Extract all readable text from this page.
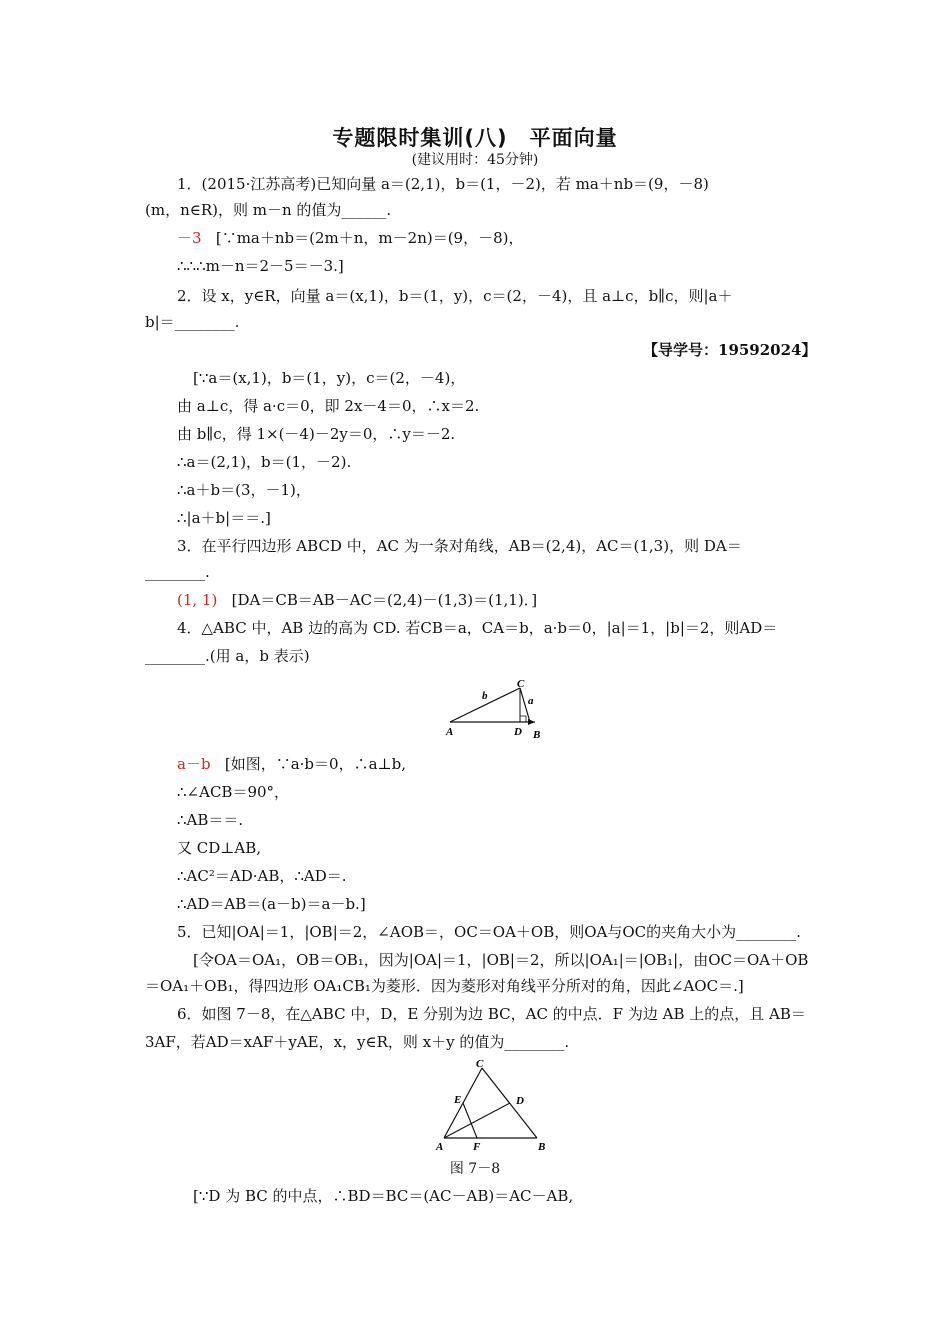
专题限时集训(八)　平面向量
(建议用时：45分钟)
1．(2015·江苏高考)已知向量 a＝(2,1)，b＝(1，－2)，若 ma＋nb＝(9，－8)
(m，n∈R)，则 m－n 的值为______.
－3 [∵ma＋nb＝(2m＋n，m－2n)＝(9，－8)，
∴∴∴m－n＝2－5＝－3.]
2．设 x，y∈R，向量 a＝(x,1)，b＝(1，y)，c＝(2，－4)，且 a⊥c，b∥c，则|a＋
b|＝________.
【导学号：19592024】
[∵a＝(x,1)，b＝(1，y)，c＝(2，－4)，
由 a⊥c，得 a·c＝0，即 2x－4＝0，∴x＝2.
由 b∥c，得 1×(－4)－2y＝0，∴y＝－2.
∴a＝(2,1)，b＝(1，－2).
∴a＋b＝(3，－1)，
∴|a＋b|＝＝.]
3．在平行四边形 ABCD 中，AC 为一条对角线，AB＝(2,4)，AC＝(1,3)，则 DA＝
________.
(1, 1) [DA＝CB＝AB－AC＝(2,4)－(1,3)＝(1,1)．]
4．△ABC 中，AB 边的高为 CD. 若CB＝a，CA＝b，a·b＝0，|a|＝1，|b|＝2，则AD＝
________.(用 a，b 表示)
C
b	a
A	D B
a－b [如图，∵a·b＝0，∴a⊥b,
∴∠ACB＝90°，
∴AB＝＝.
又 CD⊥AB,
∴AC²＝AD·AB，∴AD＝.
∴AD＝AB＝(a－b)＝a－b.]
5．已知|OA|＝1，|OB|＝2，∠AOB＝，OC＝OA＋OB，则OA与OC的夹角大小为________.
[令OA＝OA₁，OB＝OB₁，因为|OA|＝1，|OB|＝2，所以|OA₁|＝|OB₁|，由OC＝OA＋OB
＝OA₁＋OB₁，得四边形 OA₁CB₁为菱形．因为菱形对角线平分所对的角，因此∠AOC＝.]
6．如图 7－8，在△ABC 中，D，E 分别为边 BC，AC 的中点．F 为边 AB 上的点，且 AB＝
3AF，若AD＝xAF＋yAE，x，y∈R，则 x＋y 的值为________.
C
E	D
A	F	B
图 7－8
[∵D 为 BC 的中点，∴BD＝BC＝(AC－AB)＝AC－AB,
